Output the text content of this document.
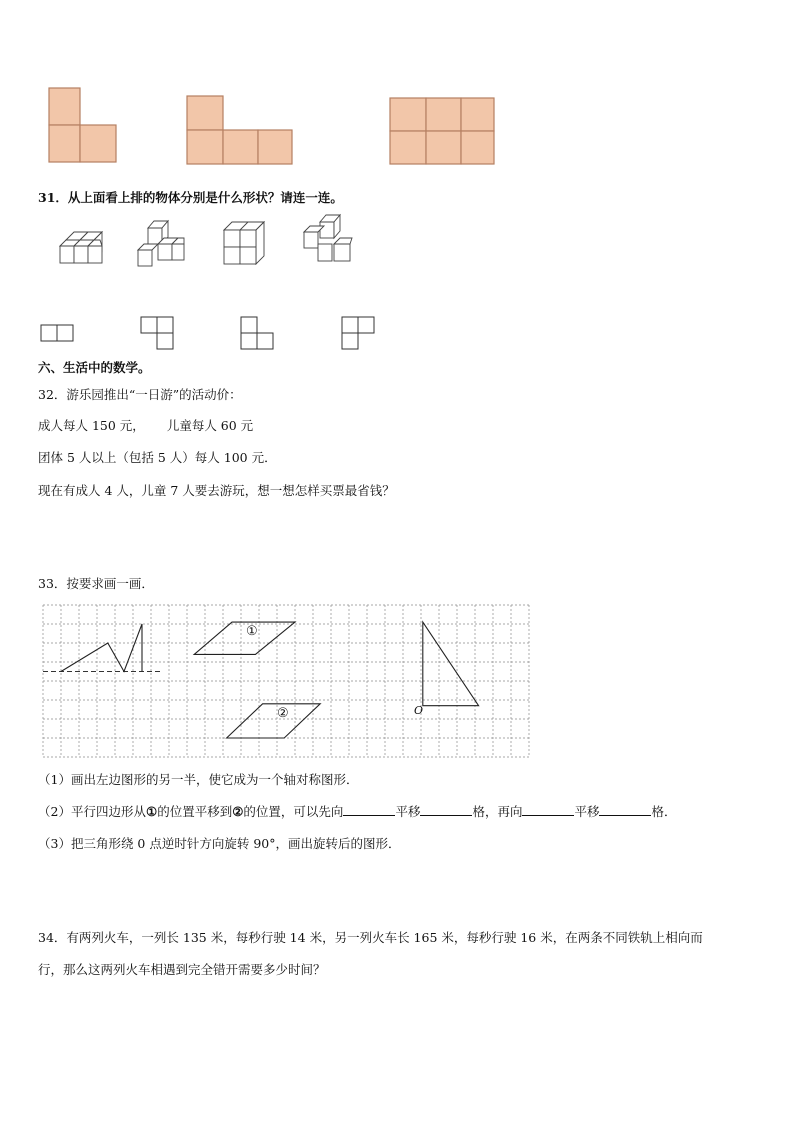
31．从上面看上排的物体分别是什么形状？请连一连。
六、生活中的数学。
32．游乐园推出“一日游”的活动价：
成人每人 150 元， 儿童每人 60 元
团体 5 人以上（包括 5 人）每人 100 元．
现在有成人 4 人，儿童 7 人要去游玩，想一想怎样买票最省钱？
33．按要求画一画．
O
①
②
（1）画出左边图形的另一半，使它成为一个轴对称图形．
（2）平行四边形从①的位置平移到②的位置，可以先向	平移	格，再向	平移	格．
（3）把三角形绕 0 点逆时针方向旋转 90°，画出旋转后的图形．
34．有两列火车，一列长 135 米，每秒行驶 14 米，另一列火车长 165 米，每秒行驶 16 米，在两条不同铁轨上相向而
行，那么这两列火车相遇到完全错开需要多少时间？
